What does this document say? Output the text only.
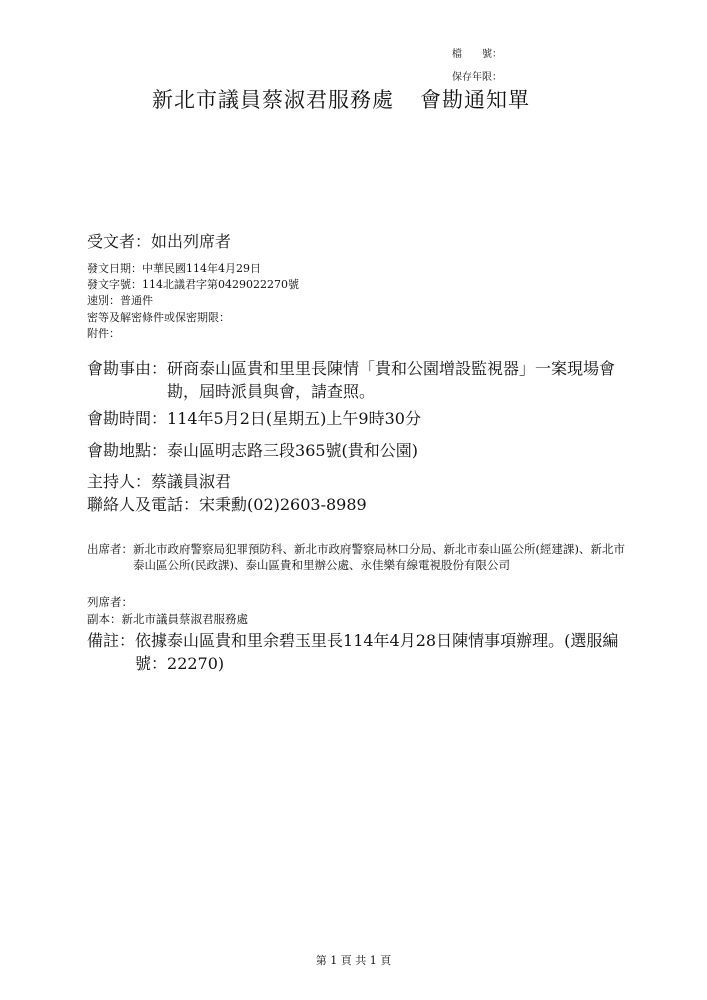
檔　　號：
保存年限：
新北市議員蔡淑君服務處 會勘通知單
受文者：如出列席者
發文日期：中華民國114年4月29日
發文字號：114北議君字第0429022270號
速別：普通件
密等及解密條件或保密期限：
附件：
會勘事由： 研商泰山區貴和里里長陳情「貴和公園增設監視器」一案現場會勘，屆時派員與會，請查照。
會勘時間：114年5月2日(星期五)上午9時30分
會勘地點：泰山區明志路三段365號(貴和公園)
主持人：蔡議員淑君
聯絡人及電話：宋秉勳(02)2603-8989
出席者： 新北市政府警察局犯罪預防科、新北市政府警察局林口分局、新北市泰山區公所(經建課)、新北市泰山區公所(民政課)、泰山區貴和里辦公處、永佳樂有線電視股份有限公司
列席者：
副本：新北市議員蔡淑君服務處
備註： 依據泰山區貴和里余碧玉里長114年4月28日陳情事項辦理。(選服編號：22270)
第 1 頁 共 1 頁
